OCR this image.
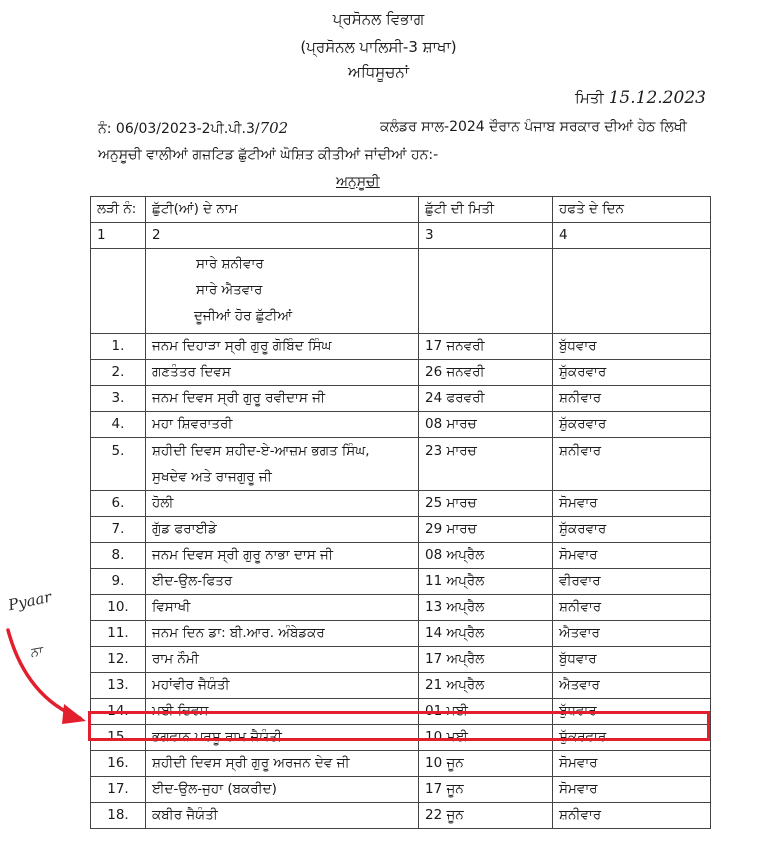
ਪ੍ਰਸੋਨਲ ਵਿਭਾਗ
(ਪ੍ਰਸੋਨਲ ਪਾਲਿਸੀ-3 ਸ਼ਾਖਾ)
ਅਧਿਸੂਚਨਾਂ
ਮਿਤੀ 15.12.2023
ਨੰ: 06/03/2023-2ਪੀ.ਪੀ.3/702	ਕਲੰਡਰ ਸਾਲ-2024 ਦੌਰਾਨ ਪੰਜਾਬ ਸਰਕਾਰ ਦੀਆਂ ਹੇਠ ਲਿਖੀ
ਅਨੁਸੂਚੀ ਵਾਲੀਆਂ ਗਜ਼ਟਿਡ ਛੁੱਟੀਆਂ ਘੋਸ਼ਿਤ ਕੀਤੀਆਂ ਜਾਂਦੀਆਂ ਹਨ:-
ਅਨੁਸੂਚੀ
ਲੜੀ ਨੰ:	ਛੁੱਟੀ(ਆਂ) ਦੇ ਨਾਮ	ਛੁੱਟੀ ਦੀ ਮਿਤੀ	ਹਫਤੇ ਦੇ ਦਿਨ
1	2	3	4

	ਸਾਰੇ ਸ਼ਨੀਵਾਰ
ਸਾਰੇ ਐਤਵਾਰ
ਦੂਜੀਆਂ ਹੋਰ ਛੁੱਟੀਆਂ		

1.	ਜਨਮ ਦਿਹਾੜਾ ਸ੍ਰੀ ਗੁਰੂ ਗੋਬਿੰਦ ਸਿੰਘ	17 ਜਨਵਰੀ	ਬੁੱਧਵਾਰ
2.	ਗਣਤੰਤਰ ਦਿਵਸ	26 ਜਨਵਰੀ	ਸ਼ੁੱਕਰਵਾਰ
3.	ਜਨਮ ਦਿਵਸ ਸ੍ਰੀ ਗੁਰੂ ਰਵੀਦਾਸ ਜੀ	24 ਫਰਵਰੀ	ਸ਼ਨੀਵਾਰ
4.	ਮਹਾ ਸ਼ਿਵਰਾਤਰੀ	08 ਮਾਰਚ	ਸ਼ੁੱਕਰਵਾਰ
5.	ਸ਼ਹੀਦੀ ਦਿਵਸ ਸ਼ਹੀਦ-ਏ-ਆਜ਼ਮ ਭਗਤ ਸਿੰਘ,
ਸੁਖਦੇਵ ਅਤੇ ਰਾਜਗੁਰੂ ਜੀ	23 ਮਾਰਚ	ਸ਼ਨੀਵਾਰ
6.	ਹੋਲੀ	25 ਮਾਰਚ	ਸੋਮਵਾਰ
7.	ਗੁੱਡ ਫਰਾਈਡੇ	29 ਮਾਰਚ	ਸ਼ੁੱਕਰਵਾਰ
8.	ਜਨਮ ਦਿਵਸ ਸ੍ਰੀ ਗੁਰੂ ਨਾਭਾ ਦਾਸ ਜੀ	08 ਅਪ੍ਰੈਲ	ਸੋਮਵਾਰ
9.	ਈਦ-ਉਲ-ਫਿਤਰ	11 ਅਪ੍ਰੈਲ	ਵੀਰਵਾਰ
10.	ਵਿਸਾਖੀ	13 ਅਪ੍ਰੈਲ	ਸ਼ਨੀਵਾਰ
11.	ਜਨਮ ਦਿਨ ਡਾ: ਬੀ.ਆਰ. ਅੰਬੇਡਕਰ	14 ਅਪ੍ਰੈਲ	ਐਤਵਾਰ
12.	ਰਾਮ ਨੌਮੀ	17 ਅਪ੍ਰੈਲ	ਬੁੱਧਵਾਰ
13.	ਮਹਾਂਵੀਰ ਜੈਯੰਤੀ	21 ਅਪ੍ਰੈਲ	ਐਤਵਾਰ
14.	ਮਈ ਦਿਵਸ	01 ਮਈ	ਬੁੱਧਵਾਰ
15.	ਭਗਵਾਨ ਪਰਸ਼ੂ ਰਾਮ ਜੈਯੰਤੀ	10 ਮਈ	ਸ਼ੁੱਕਰਵਾਰ
16.	ਸ਼ਹੀਦੀ ਦਿਵਸ ਸ੍ਰੀ ਗੁਰੂ ਅਰਜਨ ਦੇਵ ਜੀ	10 ਜੂਨ	ਸੋਮਵਾਰ
17.	ਈਦ-ਉਲ-ਜੁਹਾ (ਬਕਰੀਦ)	17 ਜੂਨ	ਸੋਮਵਾਰ
18.	ਕਬੀਰ ਜੈਯੰਤੀ	22 ਜੂਨ	ਸ਼ਨੀਵਾਰ
Pyaar
ਨਾ
